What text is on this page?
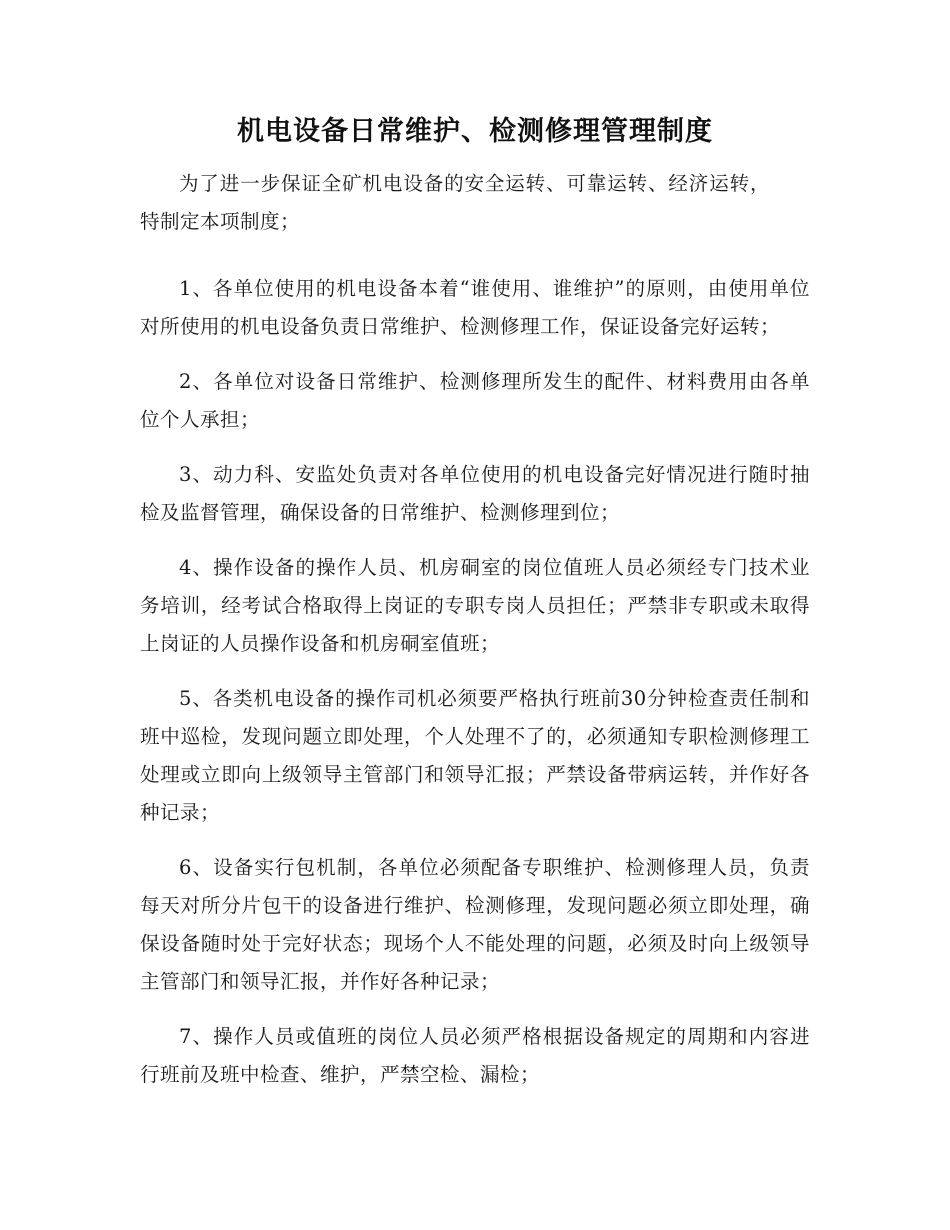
机电设备日常维护、检测修理管理制度

为了进一步保证全矿机电设备的安全运转、可靠运转、经济运转，特制定本项制度；

1、各单位使用的机电设备本着“谁使用、谁维护”的原则，由使用单位对所使用的机电设备负责日常维护、检测修理工作，保证设备完好运转；

2、各单位对设备日常维护、检测修理所发生的配件、材料费用由各单位个人承担；

3、动力科、安监处负责对各单位使用的机电设备完好情况进行随时抽检及监督管理，确保设备的日常维护、检测修理到位；

4、操作设备的操作人员、机房硐室的岗位值班人员必须经专门技术业务培训，经考试合格取得上岗证的专职专岗人员担任；严禁非专职或未取得上岗证的人员操作设备和机房硐室值班；

5、各类机电设备的操作司机必须要严格执行班前30分钟检查责任制和班中巡检，发现问题立即处理，个人处理不了的，必须通知专职检测修理工处理或立即向上级领导主管部门和领导汇报；严禁设备带病运转，并作好各种记录；

6、设备实行包机制，各单位必须配备专职维护、检测修理人员，负责每天对所分片包干的设备进行维护、检测修理，发现问题必须立即处理，确保设备随时处于完好状态；现场个人不能处理的问题，必须及时向上级领导主管部门和领导汇报，并作好各种记录；

7、操作人员或值班的岗位人员必须严格根据设备规定的周期和内容进行班前及班中检查、维护，严禁空检、漏检；
